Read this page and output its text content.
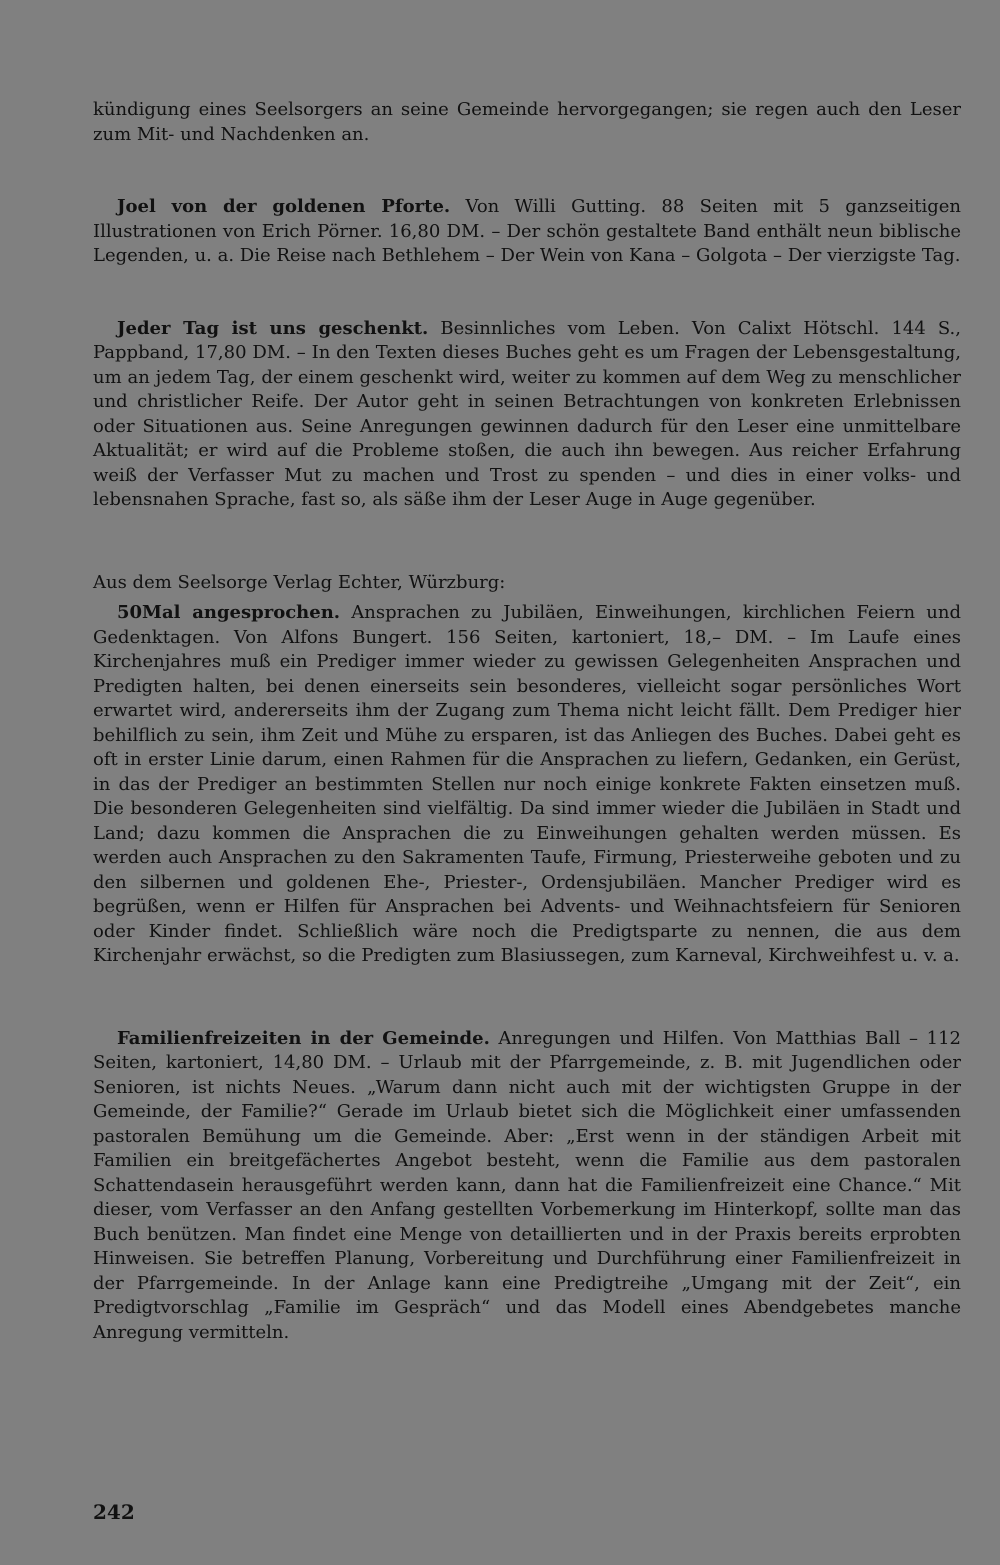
kündigung eines Seelsorgers an seine Gemeinde hervorgegangen; sie regen auch den Leser zum Mit- und Nachdenken an.

Joel von der goldenen Pforte. Von Willi Gutting. 88 Seiten mit 5 ganzseitigen Illustrationen von Erich Pörner. 16,80 DM. – Der schön gestaltete Band enthält neun biblische Legenden, u. a. Die Reise nach Bethlehem – Der Wein von Kana – Golgota – Der vierzigste Tag.

Jeder Tag ist uns geschenkt. Besinnliches vom Leben. Von Calixt Hötschl. 144 S., Pappband, 17,80 DM. – In den Texten dieses Buches geht es um Fragen der Lebensgestaltung, um an jedem Tag, der einem geschenkt wird, weiter zu kommen auf dem Weg zu menschlicher und christlicher Reife. Der Autor geht in seinen Betrachtungen von konkreten Erlebnissen oder Situationen aus. Seine Anregungen gewinnen dadurch für den Leser eine unmittelbare Aktualität; er wird auf die Probleme stoßen, die auch ihn bewegen. Aus reicher Erfahrung weiß der Verfasser Mut zu machen und Trost zu spenden – und dies in einer volks- und lebensnahen Sprache, fast so, als säße ihm der Leser Auge in Auge gegenüber.

Aus dem Seelsorge Verlag Echter, Würzburg:

50Mal angesprochen. Ansprachen zu Jubiläen, Einweihungen, kirchlichen Feiern und Gedenktagen. Von Alfons Bungert. 156 Seiten, kartoniert, 18,– DM. – Im Laufe eines Kirchenjahres muß ein Prediger immer wieder zu gewissen Gelegenheiten Ansprachen und Predigten halten, bei denen einerseits sein besonderes, vielleicht sogar persönliches Wort erwartet wird, andererseits ihm der Zugang zum Thema nicht leicht fällt. Dem Prediger hier behilflich zu sein, ihm Zeit und Mühe zu ersparen, ist das Anliegen des Buches. Dabei geht es oft in erster Linie darum, einen Rahmen für die Ansprachen zu liefern, Gedanken, ein Gerüst, in das der Prediger an bestimmten Stellen nur noch einige konkrete Fakten einsetzen muß. Die besonderen Gelegenheiten sind vielfältig. Da sind immer wieder die Jubiläen in Stadt und Land; dazu kommen die Ansprachen die zu Einweihungen gehalten werden müssen. Es werden auch Ansprachen zu den Sakramenten Taufe, Firmung, Priesterweihe geboten und zu den silbernen und goldenen Ehe-, Priester-, Ordensjubiläen. Mancher Prediger wird es begrüßen, wenn er Hilfen für Ansprachen bei Advents- und Weihnachtsfeiern für Senioren oder Kinder findet. Schließlich wäre noch die Predigtsparte zu nennen, die aus dem Kirchenjahr erwächst, so die Predigten zum Blasiussegen, zum Karneval, Kirchweihfest u. v. a.

Familienfreizeiten in der Gemeinde. Anregungen und Hilfen. Von Matthias Ball – 112 Seiten, kartoniert, 14,80 DM. – Urlaub mit der Pfarrgemeinde, z. B. mit Jugendlichen oder Senioren, ist nichts Neues. „Warum dann nicht auch mit der wichtigsten Gruppe in der Gemeinde, der Familie?“ Gerade im Urlaub bietet sich die Möglichkeit einer umfassenden pastoralen Bemühung um die Gemeinde. Aber: „Erst wenn in der ständigen Arbeit mit Familien ein breitgefächertes Angebot besteht, wenn die Familie aus dem pastoralen Schattendasein herausgeführt werden kann, dann hat die Familienfreizeit eine Chance.“ Mit dieser, vom Verfasser an den Anfang gestellten Vorbemerkung im Hinterkopf, sollte man das Buch benützen. Man findet eine Menge von detaillierten und in der Praxis bereits erprobten Hinweisen. Sie betreffen Planung, Vorbereitung und Durchführung einer Familienfreizeit in der Pfarrgemeinde. In der Anlage kann eine Predigtreihe „Umgang mit der Zeit“, ein Predigtvorschlag „Familie im Gespräch“ und das Modell eines Abendgebetes manche Anregung vermitteln.

242
